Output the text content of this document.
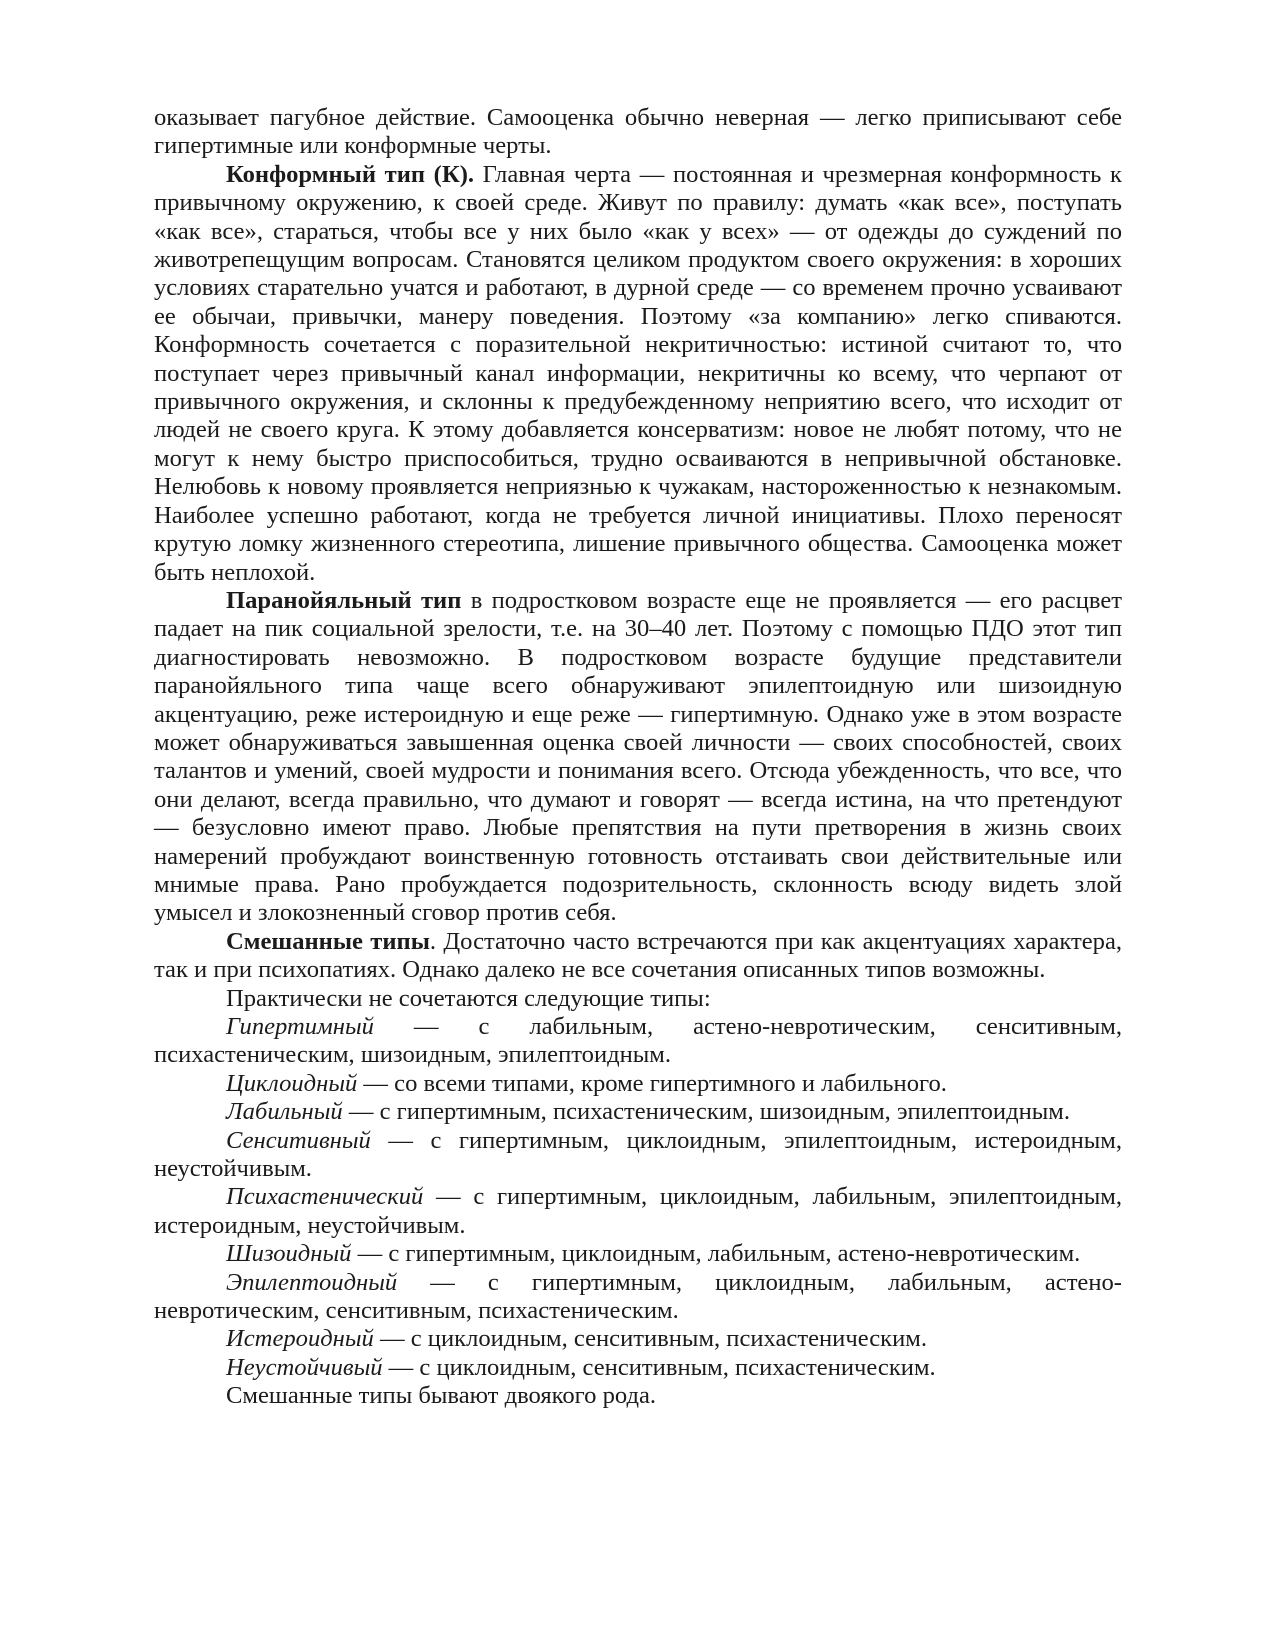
оказывает пагубное действие. Самооценка обычно неверная — легко приписывают себе гипертимные или конформные черты.

Конформный тип (К). Главная черта — постоянная и чрезмерная конформность к привычному окружению, к своей среде. Живут по правилу: думать «как все», поступать «как все», стараться, чтобы все у них было «как у всех» — от одежды до суждений по животрепещущим вопросам. Становятся целиком продуктом своего окружения: в хороших условиях старательно учатся и работают, в дурной среде — со временем прочно усваивают ее обычаи, привычки, манеру поведения. Поэтому «за компанию» легко спиваются. Конформность сочетается с поразительной некритичностью: истиной считают то, что поступает через привычный канал информации, некритичны ко всему, что черпают от привычного окружения, и склонны к предубежденному неприятию всего, что исходит от людей не своего круга. К этому добавляется консерватизм: новое не любят потому, что не могут к нему быстро приспособиться, трудно осваиваются в непривычной обстановке. Нелюбовь к новому проявляется неприязнью к чужакам, настороженностью к незнакомым. Наиболее успешно работают, когда не требуется личной инициативы. Плохо переносят крутую ломку жизненного стереотипа, лишение привычного общества. Самооценка может быть неплохой.

Паранойяльный тип в подростковом возрасте еще не проявляется — его расцвет падает на пик социальной зрелости, т.е. на 30–40 лет. Поэтому с помощью ПДО этот тип диагностировать невозможно. В подростковом возрасте будущие представители паранойяльного типа чаще всего обнаруживают эпилептоидную или шизоидную акцентуацию, реже истероидную и еще реже — гипертимную. Однако уже в этом возрасте может обнаруживаться завышенная оценка своей личности — своих способностей, своих талантов и умений, своей мудрости и понимания всего. Отсюда убежденность, что все, что они делают, всегда правильно, что думают и говорят — всегда истина, на что претендуют — безусловно имеют право. Любые препятствия на пути претворения в жизнь своих намерений пробуждают воинственную готовность отстаивать свои действительные или мнимые права. Рано пробуждается подозрительность, склонность всюду видеть злой умысел и злокозненный сговор против себя.

Смешанные типы. Достаточно часто встречаются при как акцентуациях характера, так и при психопатиях. Однако далеко не все сочетания описанных типов возможны.

Практически не сочетаются следующие типы:

Гипертимный — с лабильным, астено-невротическим, сенситивным, психастеническим, шизоидным, эпилептоидным.

Циклоидный — со всеми типами, кроме гипертимного и лабильного.

Лабильный — с гипертимным, психастеническим, шизоидным, эпилептоидным.

Сенситивный — с гипертимным, циклоидным, эпилептоидным, истероидным, неустойчивым.

Психастенический — с гипертимным, циклоидным, лабильным, эпилептоидным, истероидным, неустойчивым.

Шизоидный — с гипертимным, циклоидным, лабильным, астено-невротическим.

Эпилептоидный — с гипертимным, циклоидным, лабильным, астено-невротическим, сенситивным, психастеническим.

Истероидный — с циклоидным, сенситивным, психастеническим.

Неустойчивый — с циклоидным, сенситивным, психастеническим.

Смешанные типы бывают двоякого рода.
